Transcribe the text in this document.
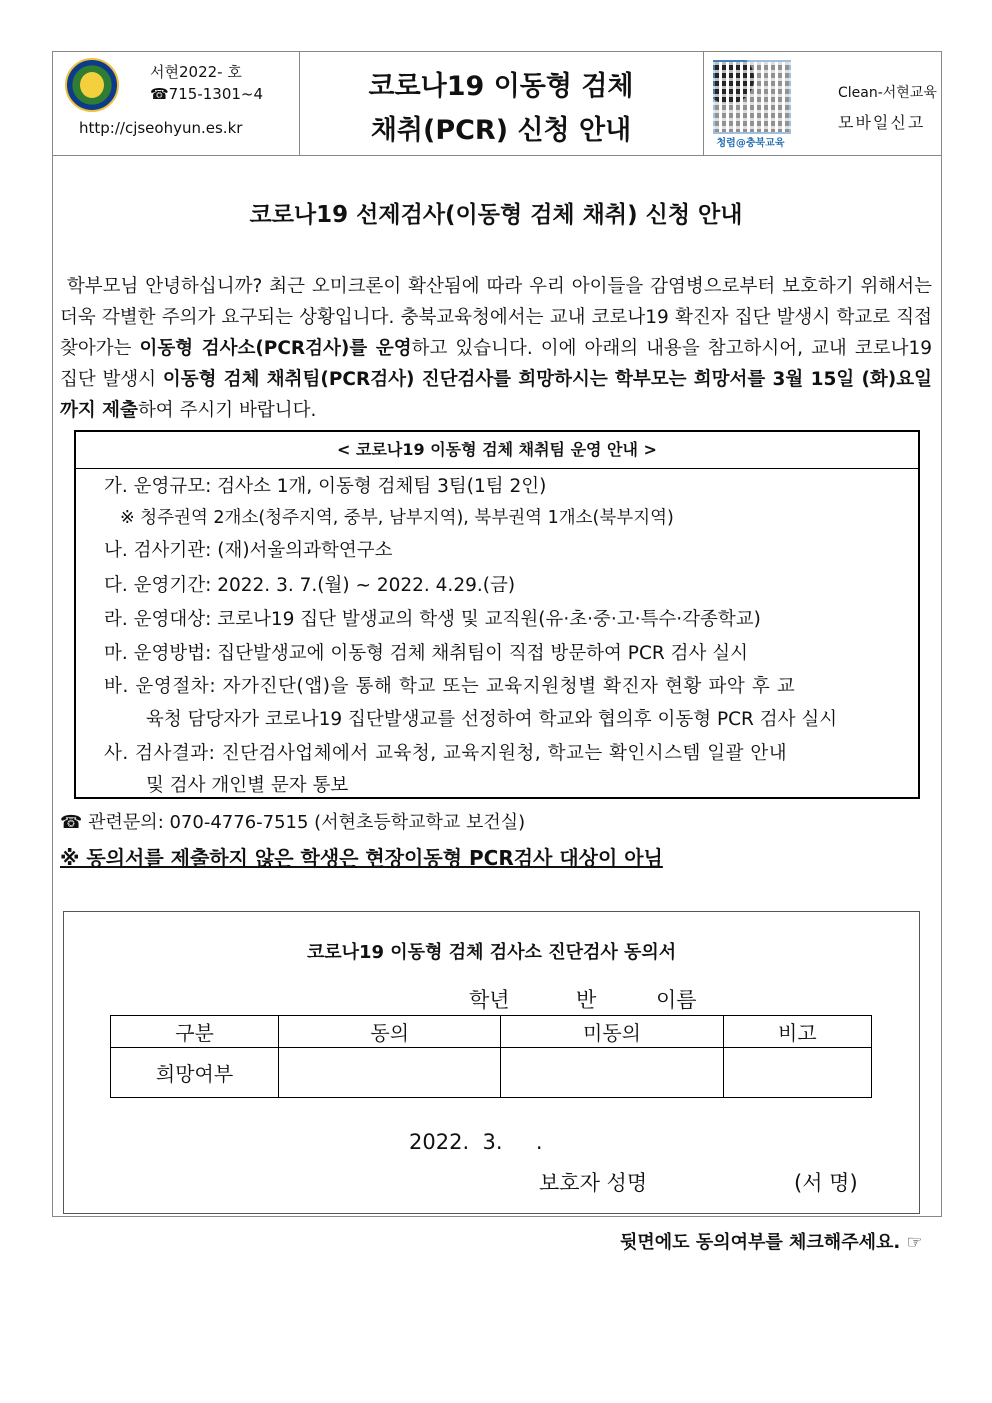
서현2022- 호
☎715-1301~4
http://cjseohyun.es.kr
코로나19 이동형 검체
채취(PCR) 신청 안내	청렴@충북교육
Clean-서현교육
모바일신고
코로나19 선제검사(이동형 검체 채취) 신청 안내
학부모님 안녕하십니까? 최근 오미크론이 확산됨에 따라 우리 아이들을 감염병으로부터 보호하기 위해서는 더욱 각별한 주의가 요구되는 상황입니다. 충북교육청에서는 교내 코로나19 확진자 집단 발생시 학교로 직접 찾아가는 이동형 검사소(PCR검사)를 운영하고 있습니다. 이에 아래의 내용을 참고하시어, 교내 코로나19 집단 발생시 이동형 검체 채취팀(PCR검사) 진단검사를 희망하시는 학부모는 희망서를 3월 15일 (화)요일까지 제출하여 주시기 바랍니다.
< 코로나19 이동형 검체 채취팀 운영 안내 >
가. 운영규모: 검사소 1개, 이동형 검체팀 3팀(1팀 2인)
※ 청주권역 2개소(청주지역, 중부, 남부지역), 북부권역 1개소(북부지역)
나. 검사기관: (재)서울의과학연구소
다. 운영기간: 2022. 3. 7.(월) ~ 2022. 4.29.(금)
라. 운영대상: 코로나19 집단 발생교의 학생 및 교직원(유·초·중·고·특수·각종학교)
마. 운영방법: 집단발생교에 이동형 검체 채취팀이 직접 방문하여 PCR 검사 실시
바. 운영절차: 자가진단(앱)을 통해 학교 또는 교육지원청별 확진자 현황 파악 후 교
육청 담당자가 코로나19 집단발생교를 선정하여 학교와 협의후 이동형 PCR 검사 실시
사. 검사결과: 진단검사업체에서 교육청, 교육지원청, 학교는 확인시스템 일괄 안내
및 검사 개인별 문자 통보
☎ 관련문의: 070-4776-7515 (서현초등학교학교 보건실)
※ 동의서를 제출하지 않은 학생은 현장이동형 PCR검사 대상이 아님
코로나19 이동형 검체 검사소 진단검사 동의서
학년	반	이름
구분	동의	미동의	비고
희망여부			
2022.  3.     .
보호자 성명	(서 명)
뒷면에도 동의여부를 체크해주세요. ☞
